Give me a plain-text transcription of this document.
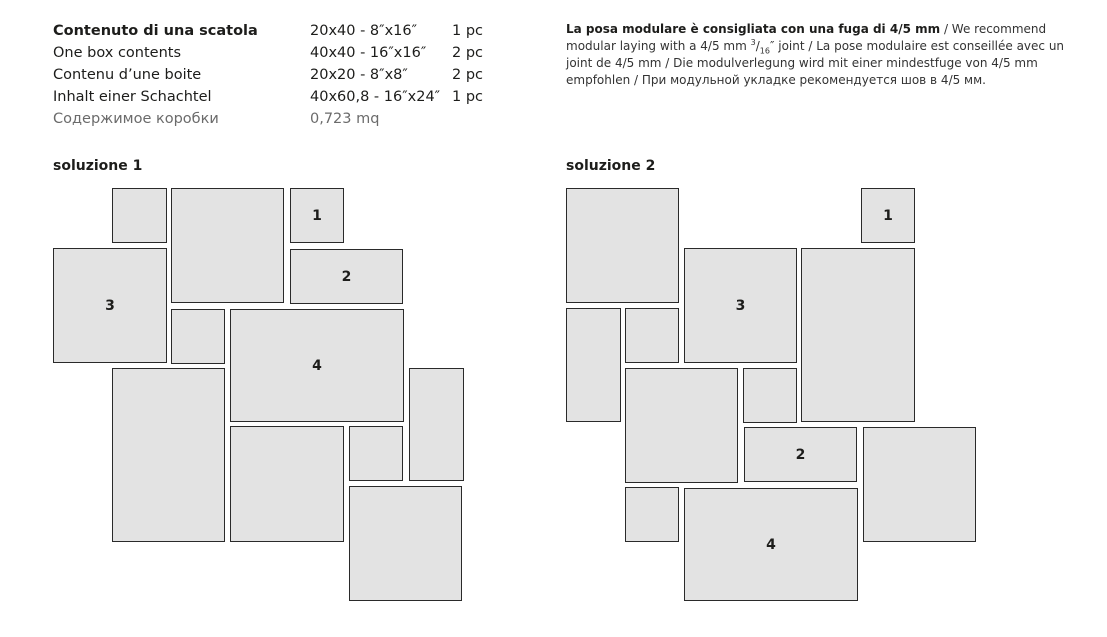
Contenuto di una scatola	20x40 - 8″x16″ 1 pc
One box contents	40x40 - 16″x16″ 2 pc
Contenu d’une boite	20x20 - 8″x8″	2 pc
Inhalt einer Schachtel	40x60,8 - 16″x24″ 1 pc
Содержимое коробки	0,723 mq
La posa modulare è consigliata con una fuga di 4/5 mm / We recommend modular laying with a 4/5 mm $^3/_{16}''$ joint / La pose modulaire est conseillée avec un joint de 4/5 mm / Die modulverlegung wird mit einer mindestfuge von 4/5 mm empfohlen / При модульной укладке рекомендуется шов в 4/5 мм.
soluzione 1
1
3
2
4
soluzione 2
1
3
2
4
